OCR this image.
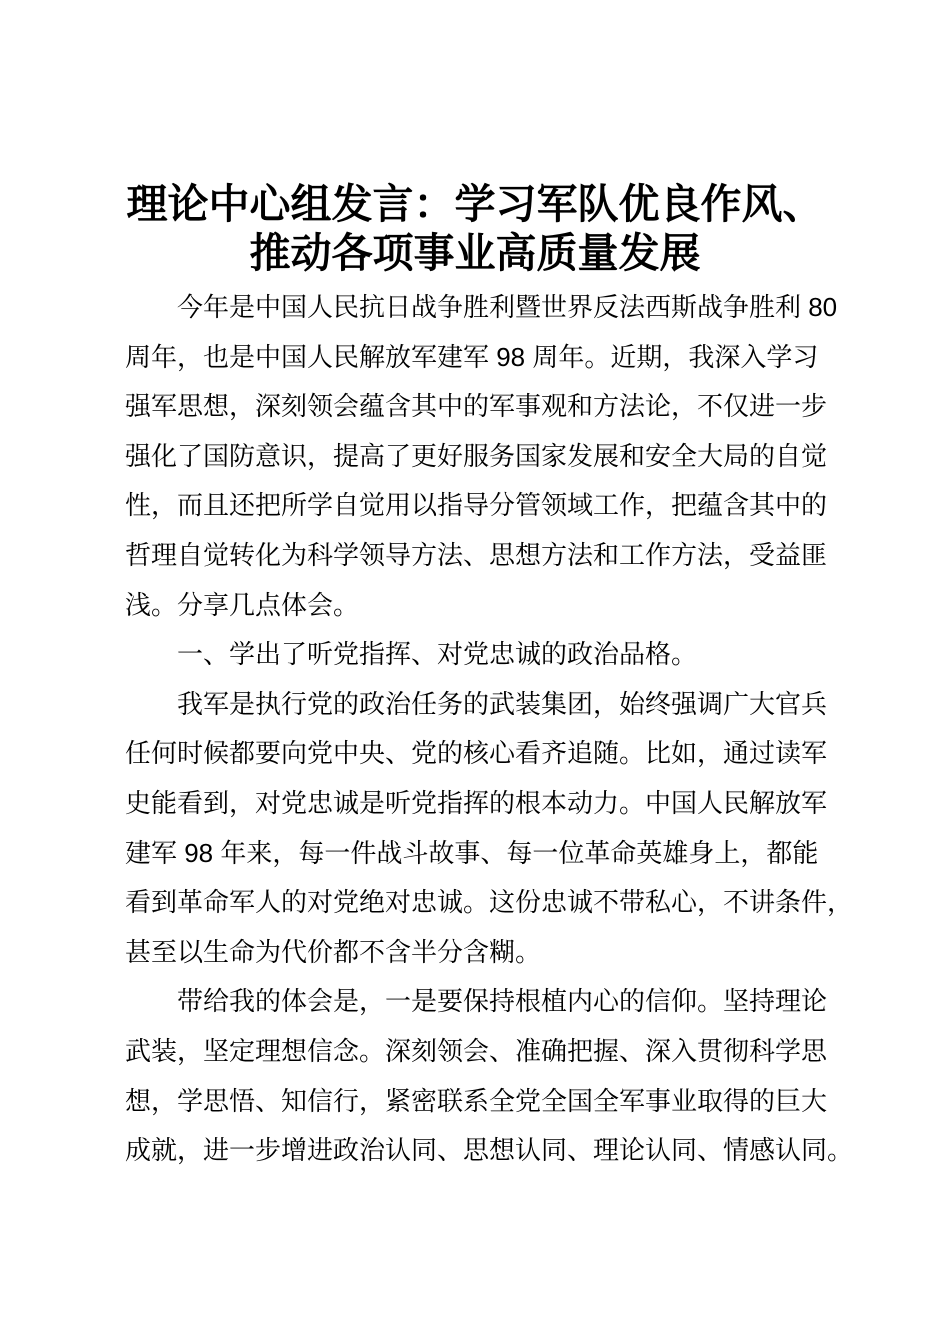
理论中心组发言：学习军队优良作风、
推动各项事业高质量发展
今年是中国人民抗日战争胜利暨世界反法西斯战争胜利 80
周年，也是中国人民解放军建军 98 周年。近期，我深入学习
强军思想，深刻领会蕴含其中的军事观和方法论，不仅进一步
强化了国防意识，提高了更好服务国家发展和安全大局的自觉
性，而且还把所学自觉用以指导分管领域工作，把蕴含其中的
哲理自觉转化为科学领导方法、思想方法和工作方法，受益匪
浅。分享几点体会。
一、学出了听党指挥、对党忠诚的政治品格。
我军是执行党的政治任务的武装集团，始终强调广大官兵
任何时候都要向党中央、党的核心看齐追随。比如，通过读军
史能看到，对党忠诚是听党指挥的根本动力。中国人民解放军
建军 98 年来，每一件战斗故事、每一位革命英雄身上，都能
看到革命军人的对党绝对忠诚。这份忠诚不带私心，不讲条件，
甚至以生命为代价都不含半分含糊。
带给我的体会是，一是要保持根植内心的信仰。坚持理论
武装，坚定理想信念。深刻领会、准确把握、深入贯彻科学思
想，学思悟、知信行，紧密联系全党全国全军事业取得的巨大
成就，进一步增进政治认同、思想认同、理论认同、情感认同。
